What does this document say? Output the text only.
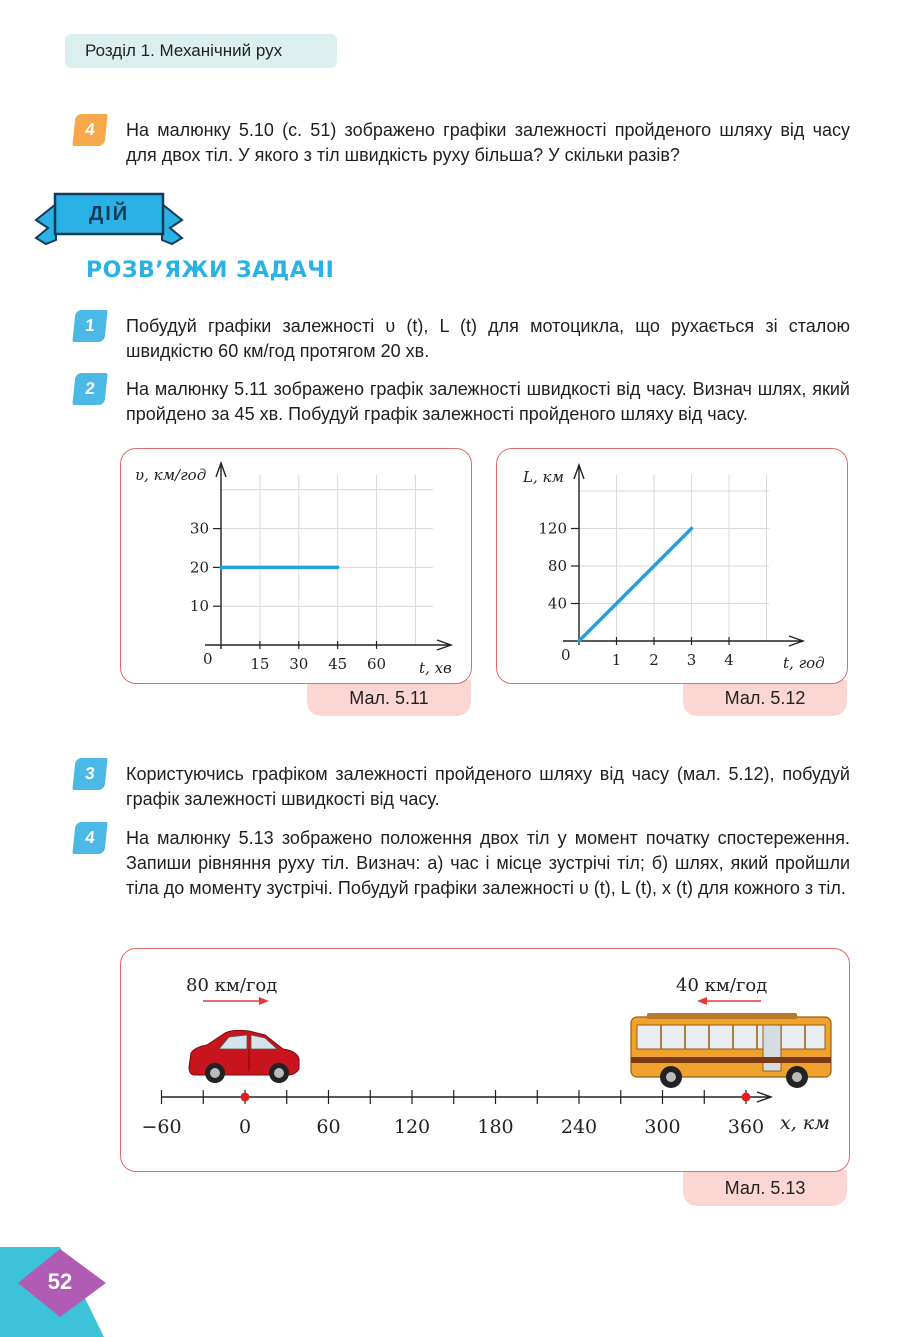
Розділ 1. Механічний рух
4	На малюнку 5.10 (с. 51) зображено графіки залежності пройденого шляху від часу для двох тіл. У якого з тіл швидкість руху більша? У скільки разів?
ДІЙ
РОЗВ’ЯЖИ ЗАДАЧІ
1	Побудуй графіки залежності υ (t), L (t) для мотоцикла, що рухається зі сталою швидкістю 60 км/год протягом 20 хв.
2	На малюнку 5.11 зображено графік залежності швидкості від часу. Визнач шлях, який пройдено за 45 хв. Побудуй графік залежності пройденого шляху від часу.
Мал. 5.11
υ, км/год
t, хв
0	15 30 45 60
10
20
30
Мал. 5.12
L, км
t, год
0	1 2 3 4
40
80
120
3	Користуючись графіком залежності пройденого шляху від часу (мал. 5.12), побудуй графік залежності швидкості від часу.
4	На малюнку 5.13 зображено положення двох тіл у момент початку спостереження. Запиши рівняння руху тіл. Визнач: а) час і місце зустрічі тіл; б) шлях, який пройшли тіла до моменту зустрічі. Побудуй графіки залежності υ (t), L (t), x (t) для кожного з тіл.
Мал. 5.13
80 км/год	40 км/год
−60	0	60	120 180 240 300 360 x, км
52
